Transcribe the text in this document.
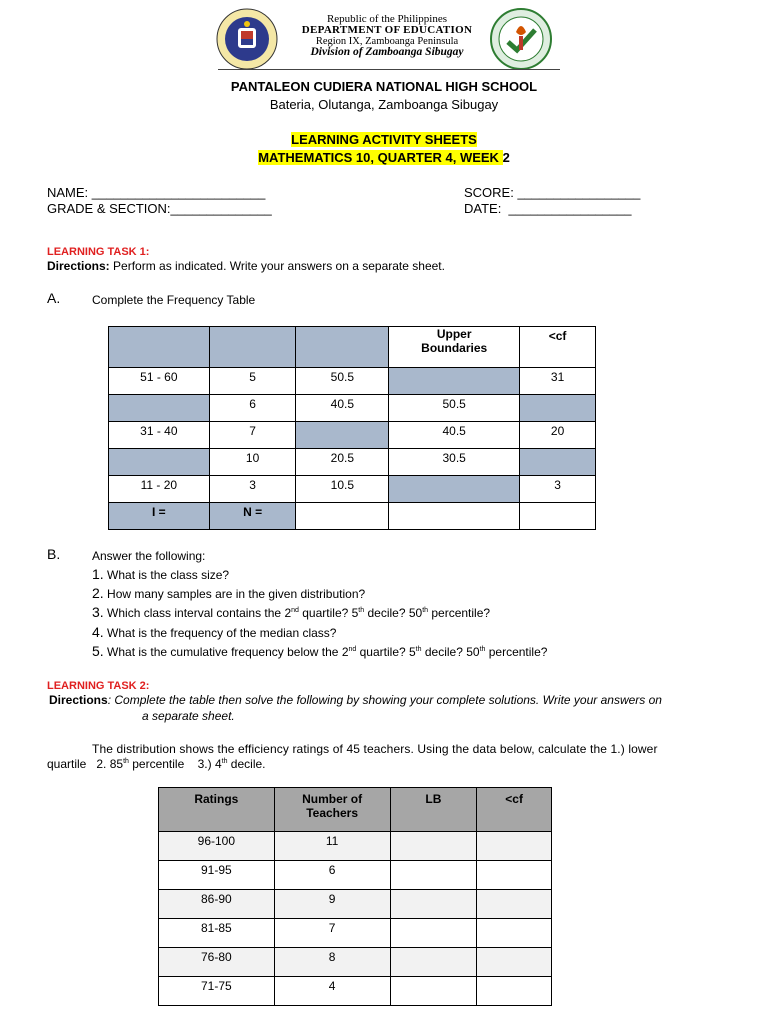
Republic of the Philippines
DEPARTMENT OF EDUCATION
Region IX, Zamboanga Peninsula
Division of Zamboanga Sibugay
PANTALEON CUDIERA NATIONAL HIGH SCHOOL
Bateria, Olutanga, Zamboanga Sibugay
LEARNING ACTIVITY SHEETS
MATHEMATICS 10, QUARTER 4, WEEK 2
NAME: ________________________
GRADE & SECTION:______________
SCORE: _________________
DATE:  _________________
LEARNING TASK 1:
Directions: Perform as indicated. Write your answers on a separate sheet.
A.	Complete the Frequency Table
			Upper Boundaries	<cf
51 - 60	5	50.5		31
	6	40.5	50.5	
31 - 40	7		40.5	20
	10	20.5	30.5	
11 - 20	3	10.5		3
I =	N =			
B.	Answer the following:
1. What is the class size?
2. How many samples are in the given distribution?
3. Which class interval contains the 2nd quartile? 5th decile? 50th percentile?
4. What is the frequency of the median class?
5. What is the cumulative frequency below the 2nd quartile? 5th decile? 50th percentile?
LEARNING TASK 2:
Directions: Complete the table then solve the following by showing your complete solutions. Write your answers on
a separate sheet.
The distribution shows the efficiency ratings of 45 teachers. Using the data below, calculate the 1.) lower
quartile   2. 85th percentile    3.) 4th decile.
Ratings	Number of Teachers	LB	<cf
96-100	11		
91-95	6		
86-90	9		
81-85	7		
76-80	8		
71-75	4		
